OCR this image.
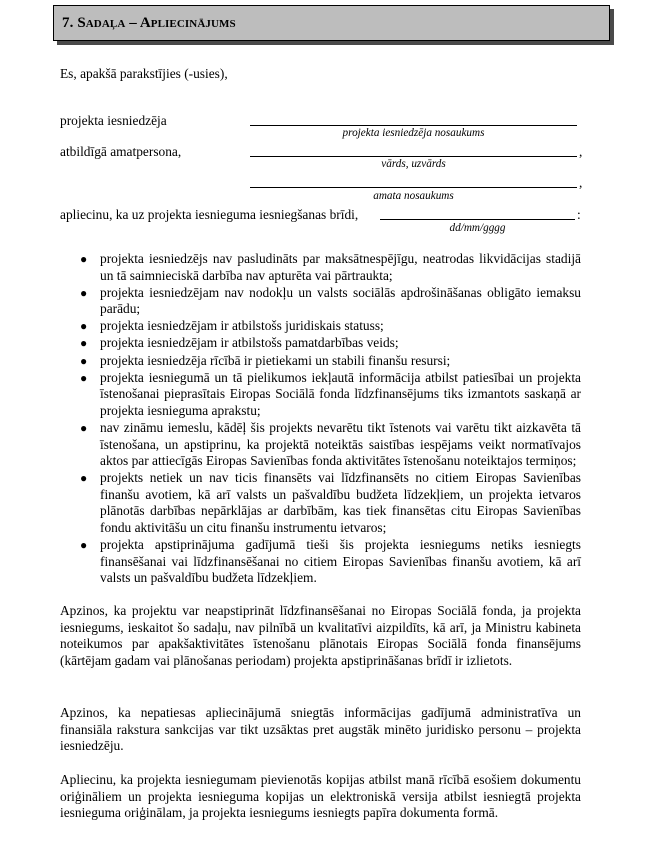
7. Sadaļa – Apliecinājums
Es, apakšā parakstījies (-usies),
projekta iesniedzēja
projekta iesniedzēja nosaukums
atbildīgā amatpersona,	,
vārds, uzvārds
,
amata nosaukums
apliecinu, ka uz projekta iesnieguma iesniegšanas brīdi,	:
dd/mm/gggg
● projekta iesniedzējs nav pasludināts par maksātnespējīgu, neatrodas likvidācijas stadijā un tā saimnieciskā darbība nav apturēta vai pārtraukta;
● projekta iesniedzējam nav nodokļu un valsts sociālās apdrošināšanas obligāto iemaksu parādu;
● projekta iesniedzējam ir atbilstošs juridiskais statuss;
● projekta iesniedzējam ir atbilstošs pamatdarbības veids;
● projekta iesniedzēja rīcībā ir pietiekami un stabili finanšu resursi;
● projekta iesniegumā un tā pielikumos iekļautā informācija atbilst patiesībai un projekta īstenošanai pieprasītais Eiropas Sociālā fonda līdzfinansējums tiks izmantots saskaņā ar projekta iesnieguma aprakstu;
● nav zināmu iemeslu, kādēļ šis projekts nevarētu tikt īstenots vai varētu tikt aizkavēta tā īstenošana, un apstiprinu, ka projektā noteiktās saistības iespējams veikt normatīvajos aktos par attiecīgās Eiropas Savienības fonda aktivitātes īstenošanu noteiktajos termiņos;
● projekts netiek un nav ticis finansēts vai līdzfinansēts no citiem Eiropas Savienības finanšu avotiem, kā arī valsts un pašvaldību budžeta līdzekļiem, un projekta ietvaros plānotās darbības nepārklājas ar darbībām, kas tiek finansētas citu Eiropas Savienības fondu aktivitāšu un citu finanšu instrumentu ietvaros;
● projekta apstiprinājuma gadījumā tieši šis projekta iesniegums netiks iesniegts finansēšanai vai līdzfinansēšanai no citiem Eiropas Savienības finanšu avotiem, kā arī valsts un pašvaldību budžeta līdzekļiem.

Apzinos, ka projektu var neapstiprināt līdzfinansēšanai no Eiropas Sociālā fonda, ja projekta iesniegums, ieskaitot šo sadaļu, nav pilnībā un kvalitatīvi aizpildīts, kā arī, ja Ministru kabineta noteikumos par apakšaktivitātes īstenošanu plānotais Eiropas Sociālā fonda finansējums (kārtējam gadam vai plānošanas periodam) projekta apstiprināšanas brīdī ir izlietots.

Apzinos, ka nepatiesas apliecinājumā sniegtās informācijas gadījumā administratīva un finansiāla rakstura sankcijas var tikt uzsāktas pret augstāk minēto juridisko personu – projekta iesniedzēju.

Apliecinu, ka projekta iesniegumam pievienotās kopijas atbilst manā rīcībā esošiem dokumentu oriģināliem un projekta iesnieguma kopijas un elektroniskā versija atbilst iesniegtā projekta iesnieguma oriģinālam, ja projekta iesniegums iesniegts papīra dokumenta formā.
